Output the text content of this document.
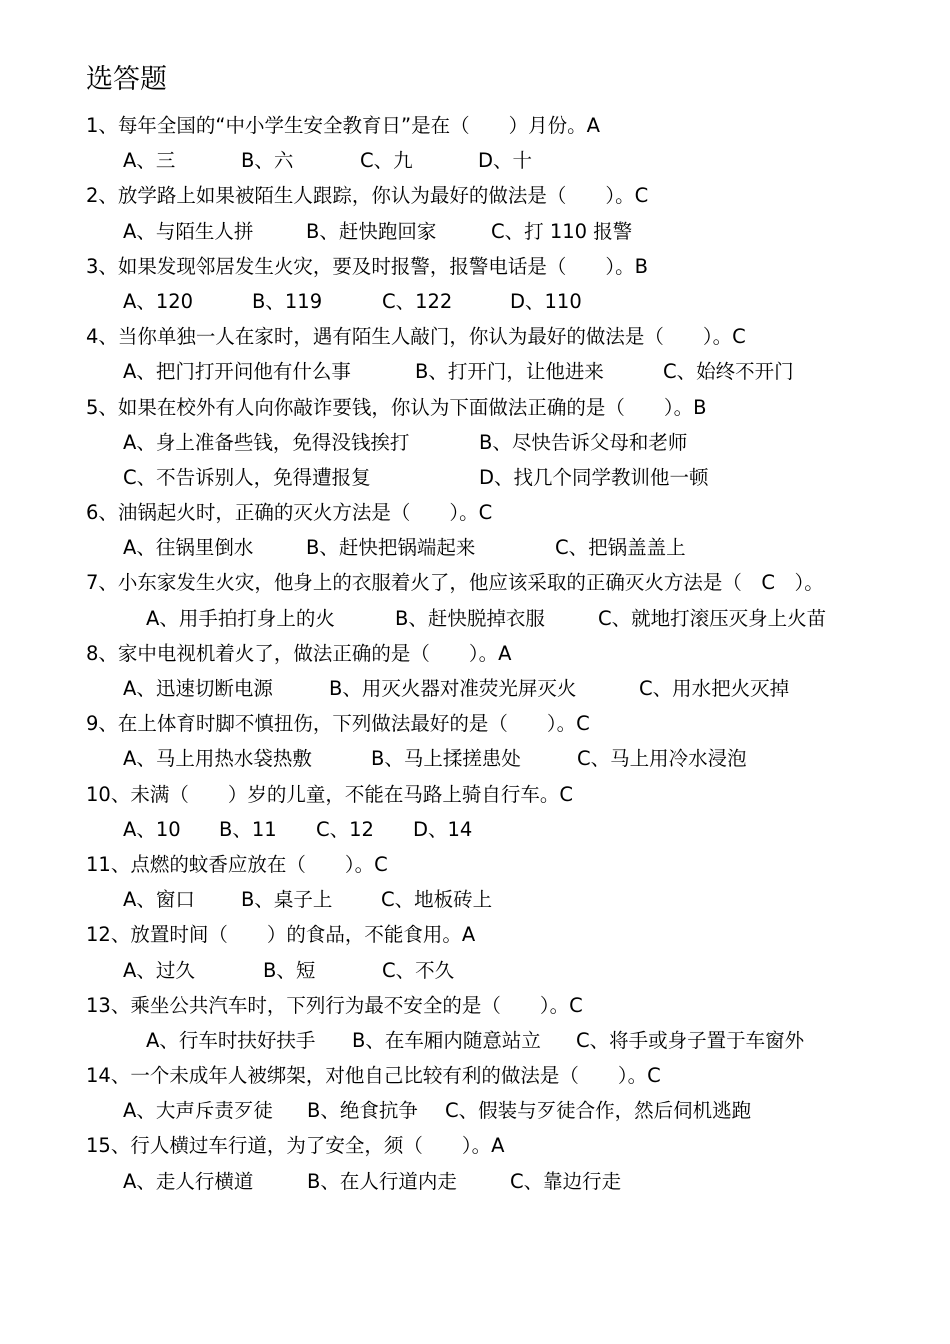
选答题
1、每年全国的“中小学生安全教育日”是在（　　）月份。A
A、三	B、六	C、九	D、十
2、放学路上如果被陌生人跟踪，你认为最好的做法是（　　）。C
A、与陌生人拼	B、赶快跑回家	C、打 110 报警
3、如果发现邻居发生火灾，要及时报警，报警电话是（　　）。B
A、120	B、119	C、122	D、110
4、当你单独一人在家时，遇有陌生人敲门，你认为最好的做法是（　　）。C
A、把门打开问他有什么事	B、打开门，让他进来	C、始终不开门
5、如果在校外有人向你敲诈要钱，你认为下面做法正确的是（　　）。B
A、身上准备些钱，免得没钱挨打	B、尽快告诉父母和老师
C、不告诉别人，免得遭报复	D、找几个同学教训他一顿
6、油锅起火时，正确的灭火方法是（　　）。C
A、往锅里倒水	B、赶快把锅端起来	C、把锅盖盖上
7、小东家发生火灾，他身上的衣服着火了，他应该采取的正确灭火方法是（　C　）。
A、用手拍打身上的火	B、赶快脱掉衣服	C、就地打滚压灭身上火苗
8、家中电视机着火了，做法正确的是（　　）。A
A、迅速切断电源	B、用灭火器对准荧光屏灭火	C、用水把火灭掉
9、在上体育时脚不慎扭伤，下列做法最好的是（　　）。C
A、马上用热水袋热敷	B、马上揉搓患处	C、马上用冷水浸泡
10、未满（　　）岁的儿童，不能在马路上骑自行车。C
A、10 B、11 C、12 D、14
11、点燃的蚊香应放在（　　）。C
A、窗口 B、桌子上 C、地板砖上
12、放置时间（　　）的食品，不能食用。A
A、过久	B、短	C、不久
13、乘坐公共汽车时，下列行为最不安全的是（　　）。C
A、行车时扶好扶手 B、在车厢内随意站立 C、将手或身子置于车窗外
14、一个未成年人被绑架，对他自己比较有利的做法是（　　）。C
A、大声斥责歹徒 B、绝食抗争 C、假装与歹徒合作，然后伺机逃跑
15、行人横过车行道，为了安全，须（　　）。A
A、走人行横道	B、在人行道内走	C、靠边行走
